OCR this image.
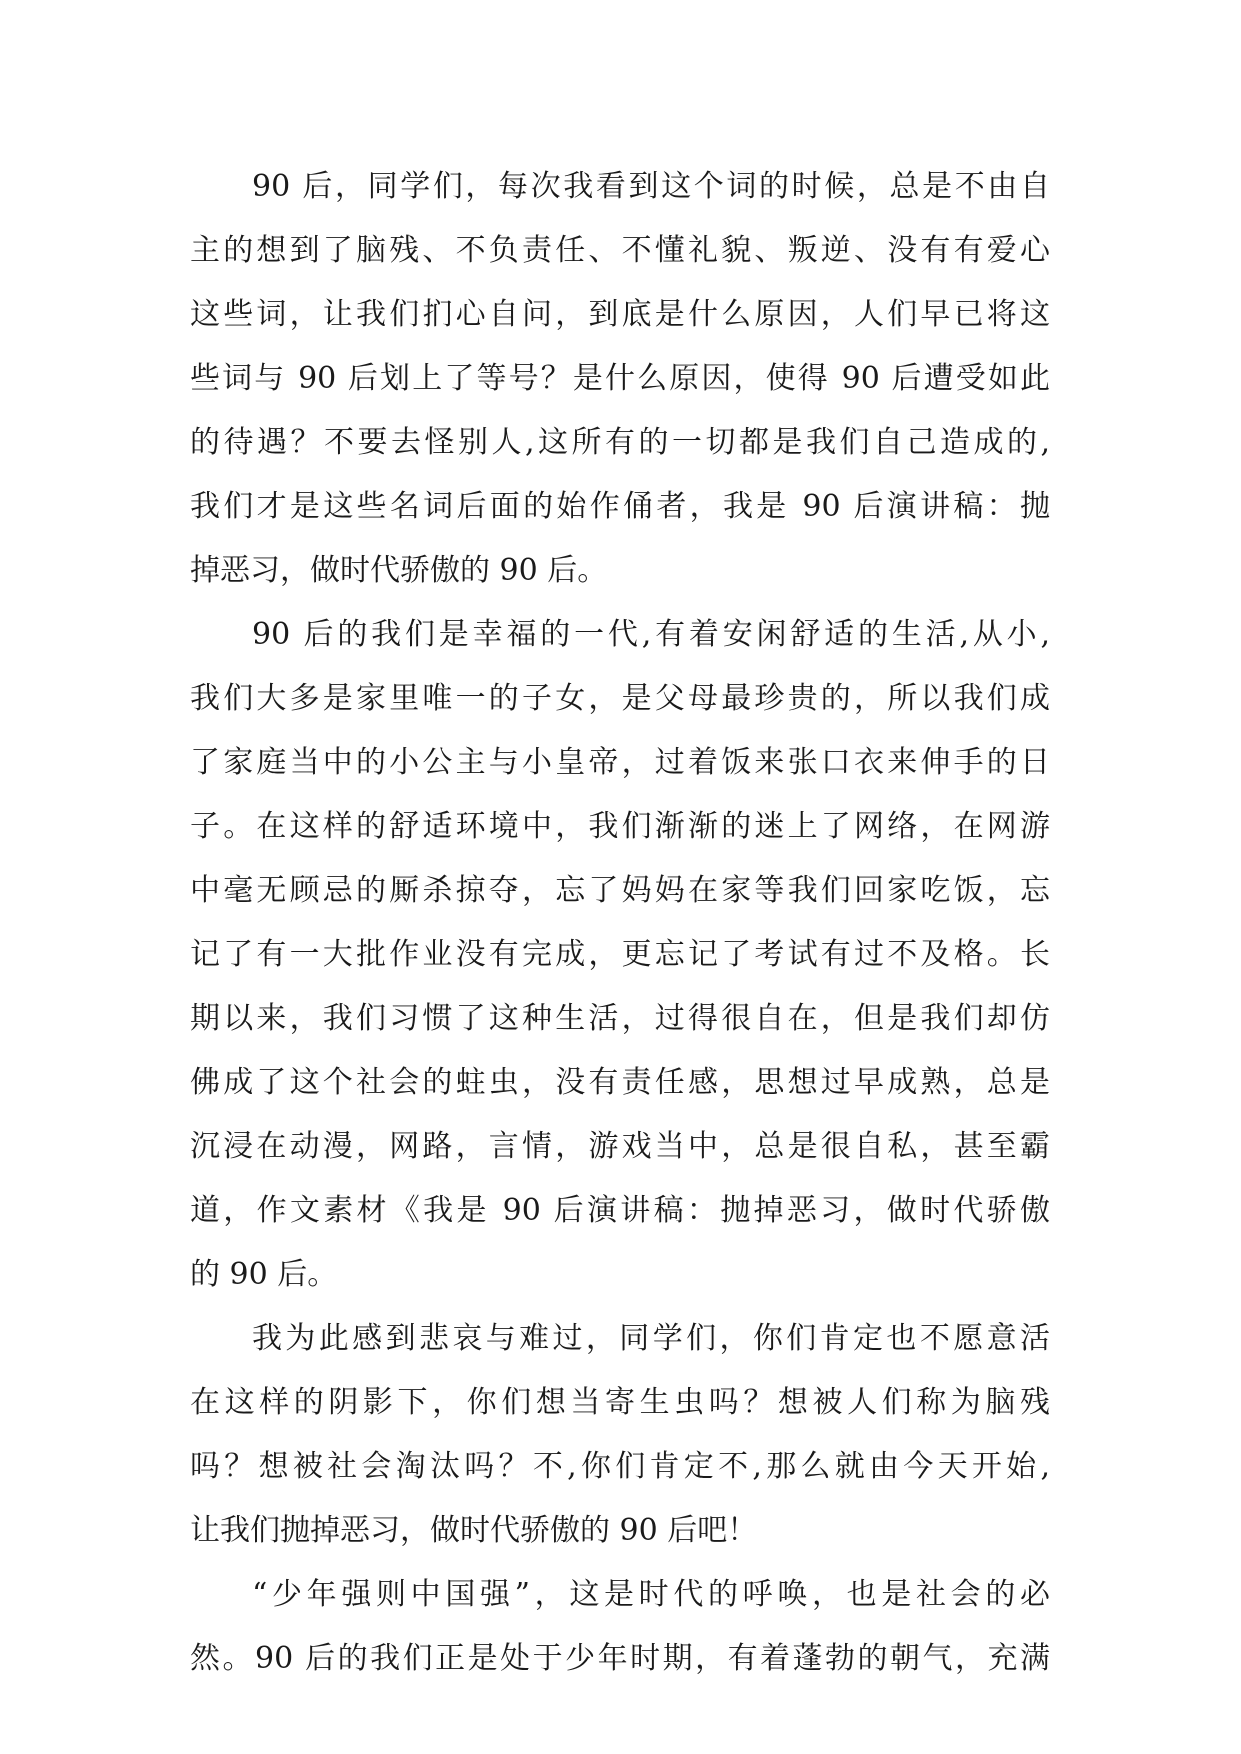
90 后，同学们，每次我看到这个词的时候，总是不由自
主的想到了脑残、不负责任、不懂礼貌、叛逆、没有有爱心
这些词，让我们扪心自问，到底是什么原因，人们早已将这
些词与 90 后划上了等号？是什么原因，使得 90 后遭受如此
的待遇？不要去怪别人,这所有的一切都是我们自己造成的,
我们才是这些名词后面的始作俑者，我是 90 后演讲稿：抛
掉恶习，做时代骄傲的 90 后。

90 后的我们是幸福的一代,有着安闲舒适的生活,从小,
我们大多是家里唯一的子女，是父母最珍贵的，所以我们成
了家庭当中的小公主与小皇帝，过着饭来张口衣来伸手的日
子。在这样的舒适环境中，我们渐渐的迷上了网络，在网游
中毫无顾忌的厮杀掠夺，忘了妈妈在家等我们回家吃饭，忘
记了有一大批作业没有完成，更忘记了考试有过不及格。长
期以来，我们习惯了这种生活，过得很自在，但是我们却仿
佛成了这个社会的蛀虫，没有责任感，思想过早成熟，总是
沉浸在动漫，网路，言情，游戏当中，总是很自私，甚至霸
道，作文素材《我是 90 后演讲稿：抛掉恶习，做时代骄傲
的 90 后。

我为此感到悲哀与难过，同学们，你们肯定也不愿意活
在这样的阴影下，你们想当寄生虫吗？想被人们称为脑残
吗？想被社会淘汰吗？不,你们肯定不,那么就由今天开始,
让我们抛掉恶习，做时代骄傲的 90 后吧！

“少年强则中国强”，这是时代的呼唤，也是社会的必
然。90 后的我们正是处于少年时期，有着蓬勃的朝气，充满
